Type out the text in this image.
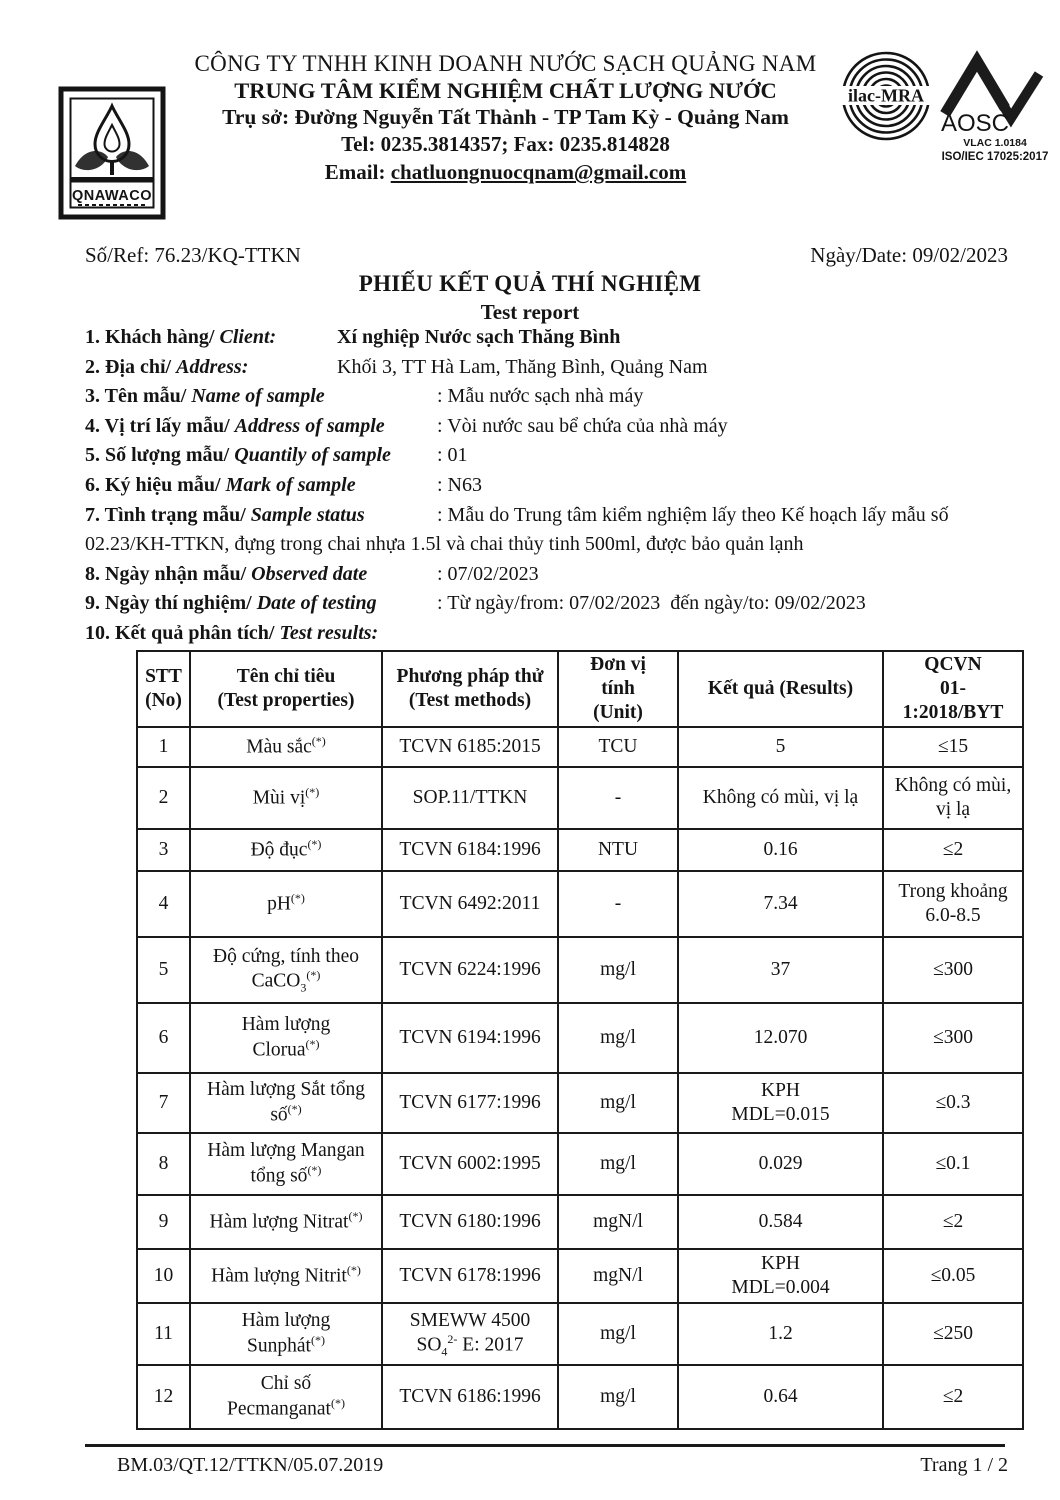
QNAWACO
CÔNG TY TNHH KINH DOANH NƯỚC SẠCH QUẢNG NAM
TRUNG TÂM KIỂM NGHIỆM CHẤT LƯỢNG NƯỚC
Trụ sở: Đường Nguyễn Tất Thành - TP Tam Kỳ - Quảng Nam
Tel: 0235.3814357; Fax: 0235.814828
Email: chatluongnuocqnam@gmail.com
ilac-MRA
AOSC
VLAC 1.0184
ISO/IEC 17025:2017
Số/Ref: 76.23/KQ-TTKN	Ngày/Date: 09/02/2023
PHIẾU KẾT QUẢ THÍ NGHIỆM
Test report
1. Khách hàng/ Client:	Xí nghiệp Nước sạch Thăng Bình
2. Địa chỉ/ Address:	Khối 3, TT Hà Lam, Thăng Bình, Quảng Nam
3. Tên mẫu/ Name of sample	: Mẫu nước sạch nhà máy
4. Vị trí lấy mẫu/ Address of sample	: Vòi nước sau bể chứa của nhà máy
5. Số lượng mẫu/ Quantily of sample	: 01
6. Ký hiệu mẫu/ Mark of sample	: N63
7. Tình trạng mẫu/ Sample status	: Mẫu do Trung tâm kiểm nghiệm lấy theo Kế hoạch lấy mẫu số
02.23/KH-TTKN, đựng trong chai nhựa 1.5l và chai thủy tinh 500ml, được bảo quản lạnh
8. Ngày nhận mẫu/ Observed date	: 07/02/2023
9. Ngày thí nghiệm/ Date of testing	: Từ ngày/from: 07/02/2023  đến ngày/to: 09/02/2023
10. Kết quả phân tích/ Test results:
STT
(No)	Tên chỉ tiêu
(Test properties)	Phương pháp thử
(Test methods)	Đơn vị
tính
(Unit)	Kết quả (Results)	QCVN
01-
1:2018/BYT
1	Màu sắc(*)	TCVN 6185:2015	TCU	5	≤15
2	Mùi vị(*)	SOP.11/TTKN	-	Không có mùi, vị lạ	Không có mùi,
vị lạ
3	Độ đục(*)	TCVN 6184:1996	NTU	0.16	≤2
4	pH(*)	TCVN 6492:2011	-	7.34	Trong khoảng
6.0-8.5
5	Độ cứng, tính theo
CaCO$_3$(*)	TCVN 6224:1996	mg/l	37	≤300
6	Hàm lượng
Clorua(*)	TCVN 6194:1996	mg/l	12.070	≤300
7	Hàm lượng Sắt tổng
số(*)	TCVN 6177:1996	mg/l	KPH
MDL=0.015	≤0.3
8	Hàm lượng Mangan
tổng số(*)	TCVN 6002:1995	mg/l	0.029	≤0.1
9	Hàm lượng Nitrat(*)	TCVN 6180:1996	mgN/l	0.584	≤2
10	Hàm lượng Nitrit(*)	TCVN 6178:1996	mgN/l	KPH
MDL=0.004	≤0.05
11	Hàm lượng
Sunphát(*)	SMEWW 4500
$SO_4^{2-}$ E: 2017	mg/l	1.2	≤250
12	Chỉ số
Pecmanganat(*)	TCVN 6186:1996	mg/l	0.64	≤2
BM.03/QT.12/TTKN/05.07.2019	Trang 1 / 2
